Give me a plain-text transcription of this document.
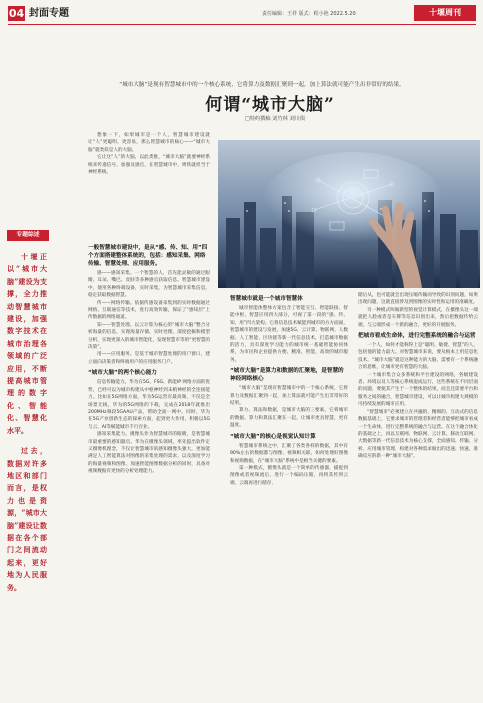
04 封面专题	责任编辑：王祥 版式：程小艳 2022.5.20	十堰周刊
“城市大脑”是现有智慧城市中的一个核心系统，它将算力及数据汇聚到一起，加上算法就可能产生出非常好的结果。
何谓“城市大脑”
□特约撰稿 刘竹林 刘川俱
专题综述

十堰正以“城市大脑”建设为支撑，全力推动智慧城市建设，加强数字技术在城市治理各领域的广泛应用，不断提高城市管理的数字化、智能化、智慧化水平。

过去，数据对许多地区和部门而言，是权力也是资源，“城市大脑”建设让数据在各个部门之间流动起来，更好地为人民服务。

想象一下，如果城市是一个人，智慧城市建设就让“人”更聪明、更容易，那么智慧城市的核心——“城市大脑”就类似是人的大脑。

它让这“人”的大脑，以此类推，“城市大脑”就要神经系统来传递信号、加强及感官，在智慧城市中，则铁就担当于神经系统。

一般智慧城市建设中，是从“感、传、知、用”四个方面搭建整体系统的，包括：感知采集、网络传输、智慧处理、应用服务。

感——感知采集。一个智慧的人，首先能灵敏的通过眼睛、耳朵、嘴巴、皮肤等多种感官获取信息。智慧城市建设中，使用各种终端设备，实时采集，为智慧城市采集信息，稳定获取数据智慧。

传——网络传输。依据传感设备采集到的实时数据通过网络，互联通信等技术，进行高效传输，保证了“感知层”上传数据的网络通道。

知——智慧处理。以云计算为核心的“城市大脑”整合分析海量的信息，实现海量存储、实时处理、深度挖掘和模型分析，实现更深入的城市智能化，发现智慧市等的“更智慧的决策”。

用——应用服务。是基于城市智慧处理的用户窗口，建立面向决策者和终端用户的应用服务门户。

“城市大脑”的两个核心能力

信息传输能力。华为在5G、FSG、新能IP 网络方面的优势，已经可以为城市构建从中枢神经到末梢神经的全连接能力。比如在5G网络方面，华为5G运营有最高频，不仅是全场景无线，华为的5G网络的下载，完成在2018年就推出200MHz频段5GAAU产品，帮助全面一网中。同时，华为在5G产业创新生态的探索方面，起到更大作用，积极以5G与云、AI等赋能城市千行百业。

感知采集能力。摄像头作为智慧城市的眼睛，是智慧城市最重要的感知器官。华为在摄像头领域，率先提出软件定义摄像机理念，不仅让智慧城市的感知摄像头强大，更加能满足人工智能算法对图像的采集处理的需求，以及深度学习的海量视频和图像，加速智能图像数据分析的同时，具备对视频数据有更快的分析处理能力。

智慧城市就是一个城市智慧体

城市智能体整体方案包含了智能交互、智能联接、智能中枢、智慧应用四大部分，可视了第一段的“感、传、知、用”四大架构。它将信息技术赋能到城市的方方面面，智慧城市的建设与发展，加速5G、云计算、物联网、人数据、人工智能、区块链等新一代信息技术，打造城市数据的活力，具有深度学习能力的城市统一基础智能协同体系，为市民和企业提供方便、精准、智能、高效的城市服务。

“城市大脑”是算力和数据的汇聚地，是智慧的神经网络核心

“城市大脑”是现有智慧城市中的一个核心系统，它将算力及数据汇聚到一起，加上算法就可能产生出非常好的结果。

算力、算法和数据，是城市大脑的三要素，它将城市的数据、算力和算法汇聚在一起，让城市更具智慧，更有温度。

“城市大脑”的核心是视觉认知计算

智慧城市系统之中，汇聚了各类各样的数据，其中有90%左右的数据都与图像、视频相关联，如何处理好图像和视频数据，在“城市大脑”系统中是相当关键的要素。

第一种模式，摄像头就是一个简单的传感器，捕捉到图像或者视频流后，进行一个编码压缩，再将其传到云端，云端再进行储存，

储后从，也可能就会出现压缩传输而导致的识别问题，如果出现问题，这就直接涉及到图像的实时性和运用的准确度。

另一种模式叫做新型的视觉计算模式，在摄像头这一端就把人脸或者是车牌等信息识别出来，然后把数据传给云端，与云端形成一个新的融合，更好的开展服务。

把城市看成生命体，进行完整系统的融合与运营

一个人，如何才能称得上是“聪明、敏捷、智慧”的人，包括他的能力最大。对智慧城市来说，要从根本上用信息化技术，“城市大脑”就是这种能力的大脑，需要有一个系统融合的思维，让城市更有智慧的大脑。

一个城市集合众多系统和平台建设的网络，各级建设者、环境以及人等核心系统混成运行，这些系统在不同层面的问题，要使其产生于一个整体的结果，而且还需要平台和服务之间的融合，智慧城市建设，可以让城市构建大规模的可持续发展的城市应用。

“智慧城市”必须建立在共融的、精细的、互动式的信息数据基础上，它要求城市的管理者和经营者能够把城市看成一个生命体，进行完整系统的融合与运营。在这个融合体化的基础之上，再以互联网、物联网、云计算、移动互联网、大数据等新一代信息技术为核心支撑，全面感知、传输、分析、应用城市管理，构建对各种需求做出的迅速、快速、准确反应的新一种“城市大脑”。
